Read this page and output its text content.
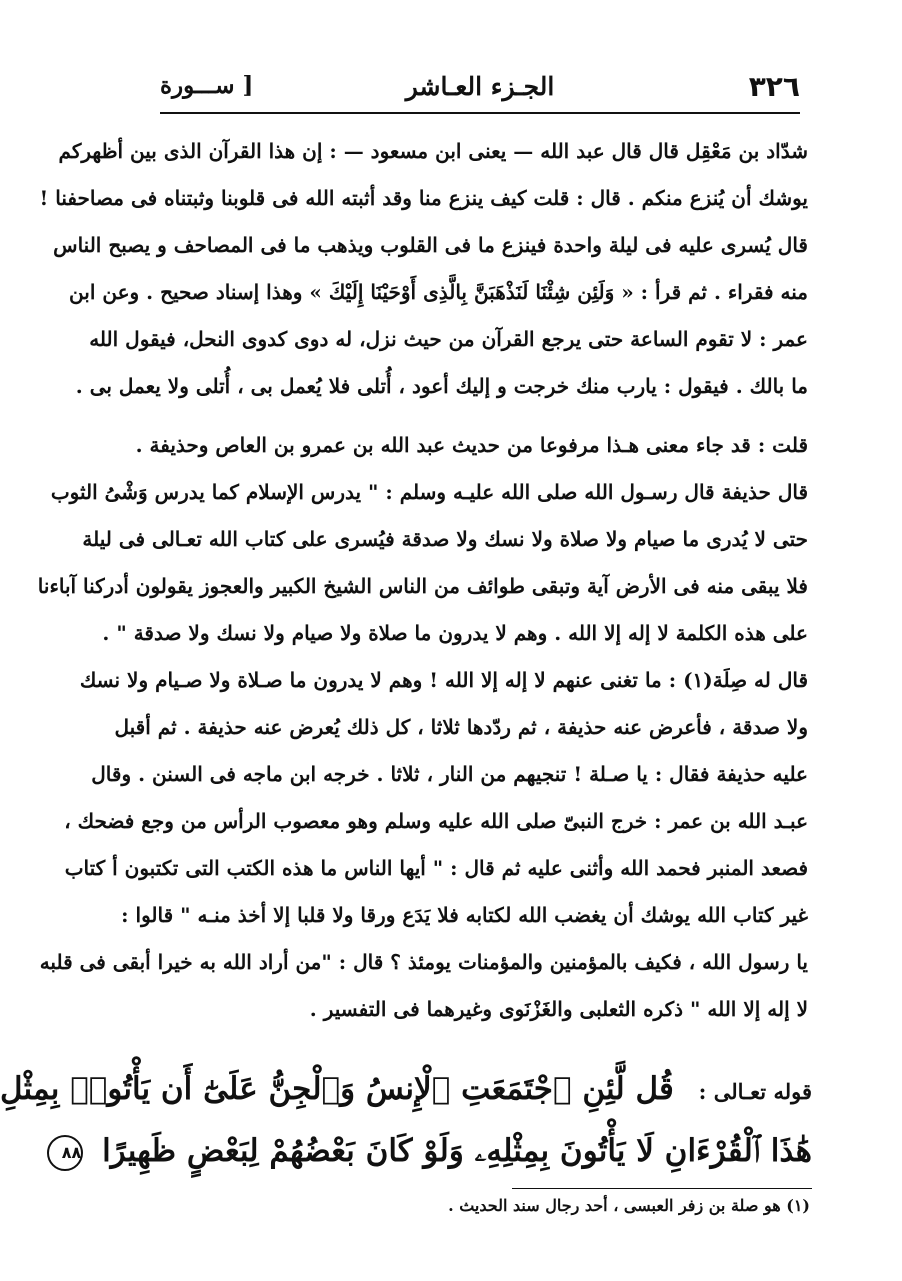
٣٢٦
الجـزء العـاشر
[ ســـورة
شدّاد بن مَعْقِل قال قال عبد الله — يعنى ابن مسعود — : إن هذا القرآن الذى بين أظهركم
يوشك أن يُنزع منكم . قال : قلت كيف ينزع منا وقد أثبته الله فى قلوبنا وثبتناه فى مصاحفنا !
قال يُسرى عليه فى ليلة واحدة فينزع ما فى القلوب ويذهب ما فى المصاحف و يصبح الناس
منه فقراء . ثم قرأ : « وَلَئِن شِئْنَا لَنَذْهَبَنَّ بِالَّذِى أَوْحَيْنَا إِلَيْكَ » وهذا إسناد صحيح . وعن ابن
عمر : لا تقوم الساعة حتى يرجع القرآن من حيث نزل، له دوى كدوى النحل، فيقول الله
ما بالك . فيقول : يارب منك خرجت و إليك أعود ، أُتلى فلا يُعمل بى ، أُتلى ولا يعمل بى .
قلت : قد جاء معنى هـذا مرفوعا من حديث عبد الله بن عمرو بن العاص وحذيفة .
قال حذيفة قال رسـول الله صلى الله عليـه وسلم : " يدرس الإسلام كما يدرس وَشْىُ الثوب
حتى لا يُدرى ما صيام ولا صلاة ولا نسك ولا صدقة فيُسرى على كتاب الله تعـالى فى ليلة
فلا يبقى منه فى الأرض آية وتبقى طوائف من الناس الشيخ الكبير والعجوز يقولون أدركنا آباءنا
على هذه الكلمة لا إله إلا الله . وهم لا يدرون ما صلاة ولا صيام ولا نسك ولا صدقة " .
قال له صِلَة(١) : ما تغنى عنهم لا إله إلا الله ! وهم لا يدرون ما صـلاة ولا صـيام ولا نسك
ولا صدقة ، فأعرض عنه حذيفة ، ثم ردّدها ثلاثا ، كل ذلك يُعرض عنه حذيفة . ثم أقبل
عليه حذيفة فقال : يا صـلة ! تنجيهم من النار ، ثلاثا . خرجه ابن ماجه فى السنن . وقال
عبـد الله بن عمر : خرج النبىّ صلى الله عليه وسلم وهو معصوب الرأس من وجع فضحك ،
فصعد المنبر فحمد الله وأثنى عليه ثم قال : " أيها الناس ما هذه الكتب التى تكتبون أ كتاب
غير كتاب الله يوشك أن يغضب الله لكتابه فلا يَدَع ورقا ولا قلبا إلا أخذ منـه " قالوا :
يا رسول الله ، فكيف بالمؤمنين والمؤمنات يومئذ ؟ قال : "من أراد الله به خيرا أبقى فى قلبه
لا إله إلا الله " ذكره الثعلبى والغَزْنَوى وغيرهما فى التفسير .
قوله تعـالى : قُل لَّئِنِ ٱجْتَمَعَتِ ٱلْإِنسُ وَٱلْجِنُّ عَلَىٰٓ أَن يَأْتُوا۟ بِمِثْلِ
هَٰذَا ٱلْقُرْءَانِ لَا يَأْتُونَ بِمِثْلِهِۦ وَلَوْ كَانَ بَعْضُهُمْ لِبَعْضٍ ظَهِيرًا ٨٨
(١) هو صلة بن زفر العبسى ، أحد رجال سند الحديث .
